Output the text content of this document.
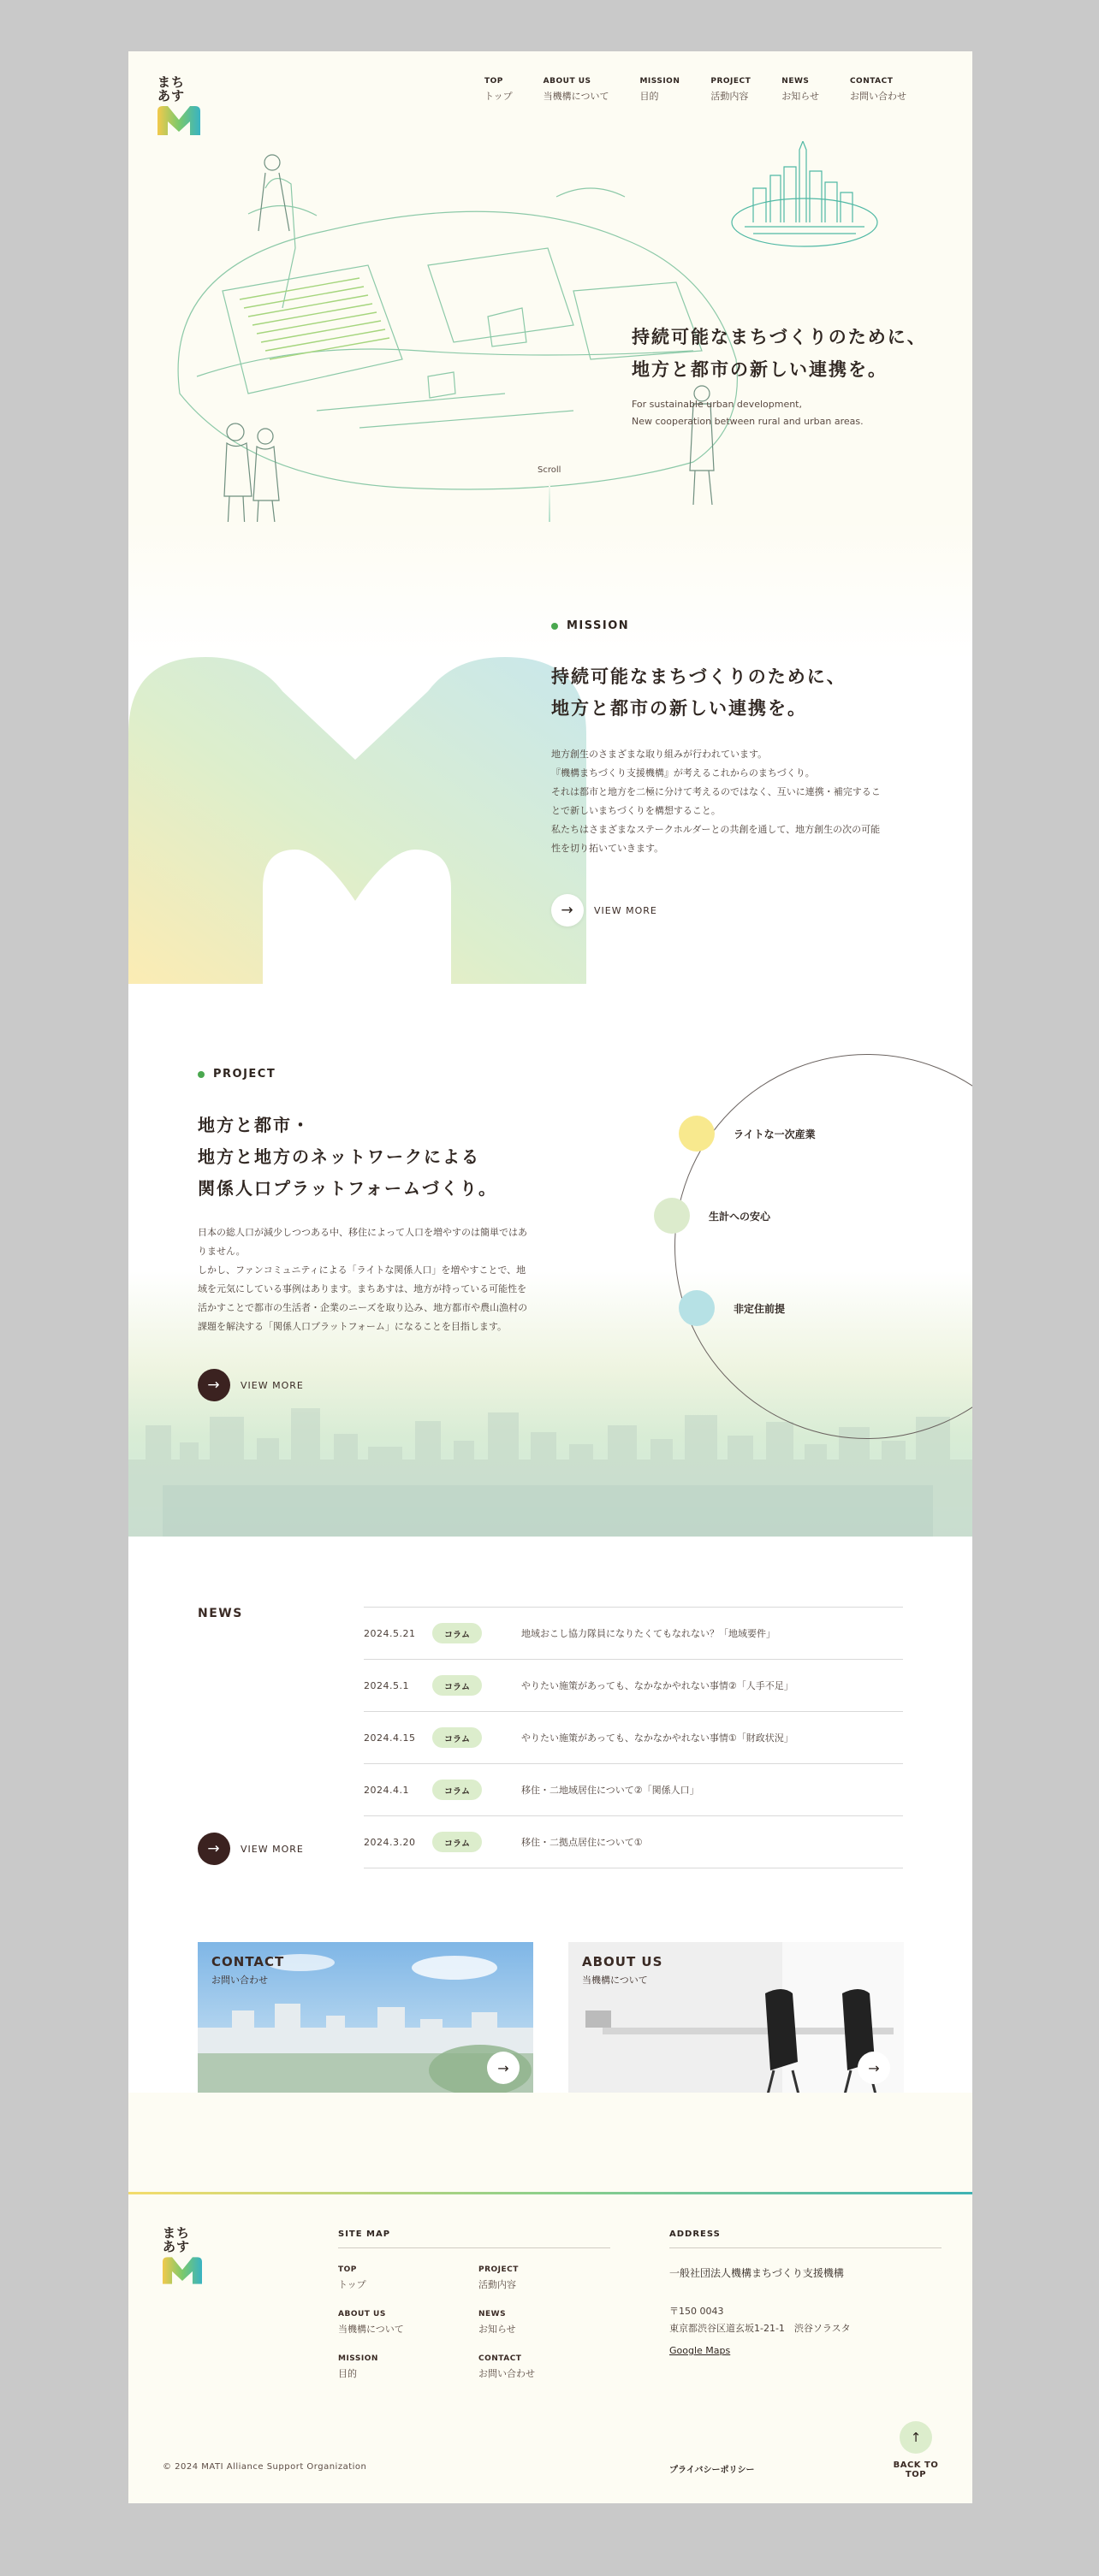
まち
あす
TOP
トップ
ABOUT US
当機構について
MISSION
目的
PROJECT
活動内容
NEWS
お知らせ
CONTACT
お問い合わせ
持続可能なまちづくりのために、
地方と都市の新しい連携を。
For sustainable urban development,
New cooperation between rural and urban areas.
Scroll
MISSION
持続可能なまちづくりのために、
地方と都市の新しい連携を。
地方創生のさまざまな取り組みが行われています。
『機構まちづくり支援機構』が考えるこれからのまちづくり。
それは都市と地方を二極に分けて考えるのではなく、互いに連携・補完するこ
とで新しいまちづくりを構想すること。
私たちはさまざまなステークホルダーとの共創を通して、地方創生の次の可能
性を切り拓いていきます。
→	VIEW MORE
PROJECT
地方と都市・
地方と地方のネットワークによる
関係人口プラットフォームづくり。
日本の総人口が減少しつつある中、移住によって人口を増やすのは簡単ではあ
りません。
しかし、ファンコミュニティによる「ライトな関係人口」を増やすことで、地
域を元気にしている事例はあります。まちあすは、地方が持っている可能性を
活かすことで都市の生活者・企業のニーズを取り込み、地方都市や農山漁村の
課題を解決する「関係人口プラットフォーム」になることを目指します。
→	VIEW MORE
ライトな一次産業
生計への安心
非定住前提
NEWS
2024.5.21	コラム	地域おこし協力隊員になりたくてもなれない？「地域要件」
2024.5.1	コラム	やりたい施策があっても、なかなかやれない事情②「人手不足」
2024.4.15	コラム	やりたい施策があっても、なかなかやれない事情①「財政状況」
2024.4.1	コラム	移住・二地域居住について②「関係人口」
2024.3.20	コラム	移住・二拠点居住について①
→	VIEW MORE
CONTACT
お問い合わせ
→
ABOUT US
当機構について
→
まち
あす
SITE MAP
TOP
トップ
PROJECT
活動内容
ABOUT US
当機構について
NEWS
お知らせ
MISSION
目的
CONTACT
お問い合わせ
ADDRESS
一般社団法人機構まちづくり支援機構
〒150 0043
東京都渋谷区道玄坂1-21-1　渋谷ソラスタ
Google Maps
© 2024 MATI Alliance Support Organization	プライバシーポリシー
↑
BACK TO TOP
